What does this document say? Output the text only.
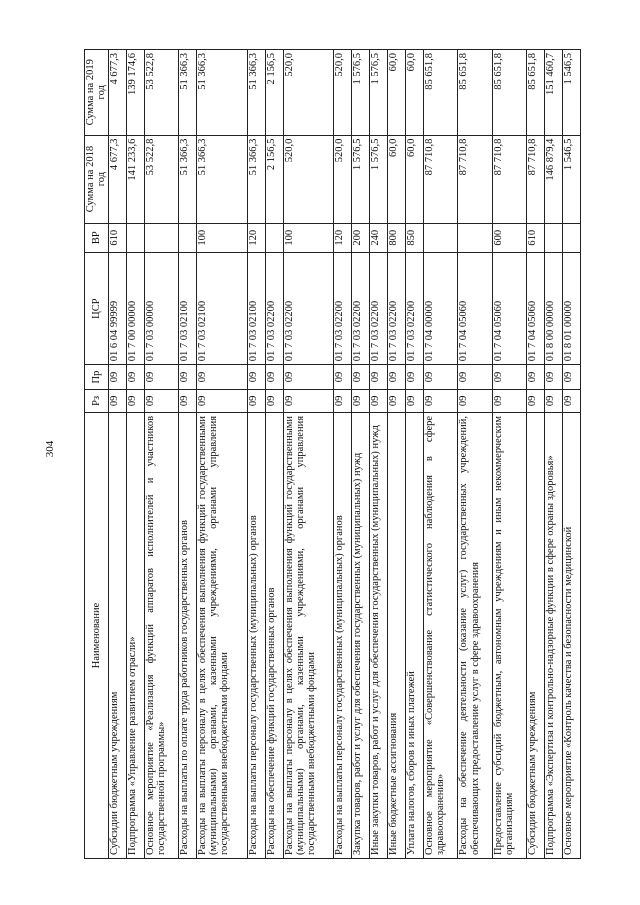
304
Наименование	Рз	Пр	ЦСР	ВР	Сумма на 2018 год	Сумма на 2019 год
Субсидии бюджетным учреждениям	09	09	01 6 04 99999	610	4 677,3	4 677,3
Подпрограмма «Управление развитием отрасли»	09	09	01 7 00 00000		141 233,6	139 174,6
Основное мероприятие «Реализация функций аппаратов исполнителей и участников государственной программы»	09	09	01 7 03 00000		53 522,8	53 522,8
Расходы на выплаты по оплате труда работников государственных органов	09	09	01 7 03 02100		51 366,3	51 366,3
Расходы на выплаты персоналу в целях обеспечения выполнения функций государственными (муниципальными) органами, казенными учреждениями, органами управления государственными внебюджетными фондами	09	09	01 7 03 02100	100	51 366,3	51 366,3
Расходы на выплаты персоналу государственных (муниципальных) органов	09	09	01 7 03 02100	120	51 366,3	51 366,3
Расходы на обеспечение функций государственных органов	09	09	01 7 03 02200		2 156,5	2 156,5
Расходы на выплаты персоналу в целях обеспечения выполнения функций государственными (муниципальными) органами, казенными учреждениями, органами управления государственными внебюджетными фондами	09	09	01 7 03 02200	100	520,0	520,0
Расходы на выплаты персоналу государственных (муниципальных) органов	09	09	01 7 03 02200	120	520,0	520,0
Закупка товаров, работ и услуг для обеспечения государственных (муниципальных) нужд	09	09	01 7 03 02200	200	1 576,5	1 576,5
Иные закупки товаров, работ и услуг для обеспечения государственных (муниципальных) нужд	09	09	01 7 03 02200	240	1 576,5	1 576,5
Иные бюджетные ассигнования	09	09	01 7 03 02200	800	60,0	60,0
Уплата налогов, сборов и иных платежей	09	09	01 7 03 02200	850	60,0	60,0
Основное мероприятие «Совершенствование статистического наблюдения в сфере здравоохранения»	09	09	01 7 04 00000		87 710,8	85 651,8
Расходы на обеспечение деятельности (оказание услуг) государственных учреждений, обеспечивающих предоставление услуг в сфере здравоохранения	09	09	01 7 04 05060		87 710,8	85 651,8
Предоставление субсидий бюджетным, автономным учреждениям и иным некоммерческим организациям	09	09	01 7 04 05060	600	87 710,8	85 651,8
Субсидии бюджетным учреждениям	09	09	01 7 04 05060	610	87 710,8	85 651,8
Подпрограмма «Экспертиза и контрольно-надзорные функции в сфере охраны здоровья»	09	09	01 8 00 00000		146 879,4	151 460,7
Основное мероприятие «Контроль качества и безопасности медицинской	09	09	01 8 01 00000		1 546,5	1 546,5
